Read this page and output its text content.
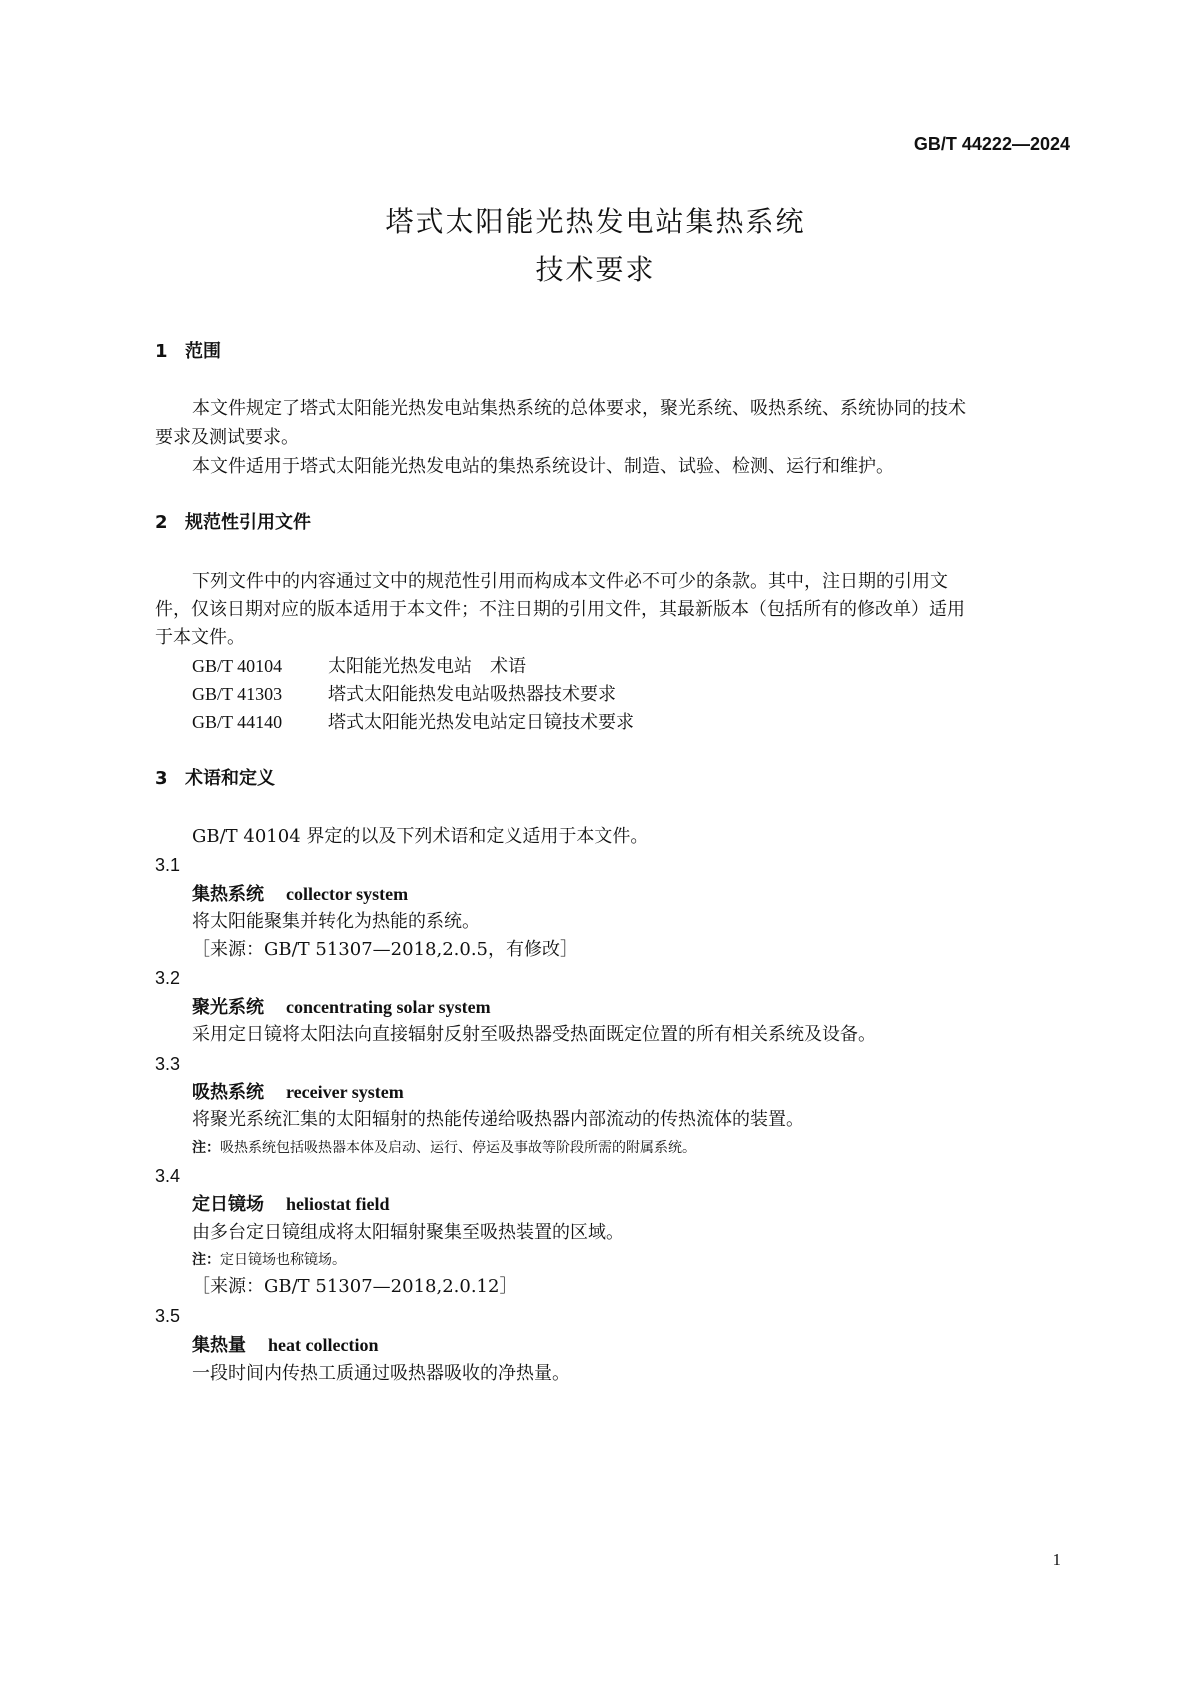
GB/T 44222—2024
塔式太阳能光热发电站集热系统
技术要求
1 范围
本文件规定了塔式太阳能光热发电站集热系统的总体要求，聚光系统、吸热系统、系统协同的技术
要求及测试要求。
本文件适用于塔式太阳能光热发电站的集热系统设计、制造、试验、检测、运行和维护。
2 规范性引用文件
下列文件中的内容通过文中的规范性引用而构成本文件必不可少的条款。其中，注日期的引用文
件，仅该日期对应的版本适用于本文件；不注日期的引用文件，其最新版本（包括所有的修改单）适用
于本文件。
GB/T 40104	太阳能光热发电站　术语
GB/T 41303	塔式太阳能热发电站吸热器技术要求
GB/T 44140	塔式太阳能光热发电站定日镜技术要求
3 术语和定义
GB/T 40104 界定的以及下列术语和定义适用于本文件。
3.1
集热系统 collector system
将太阳能聚集并转化为热能的系统。
［来源：GB/T 51307—2018,2.0.5，有修改］
3.2
聚光系统 concentrating solar system
采用定日镜将太阳法向直接辐射反射至吸热器受热面既定位置的所有相关系统及设备。
3.3
吸热系统 receiver system
将聚光系统汇集的太阳辐射的热能传递给吸热器内部流动的传热流体的装置。
注：吸热系统包括吸热器本体及启动、运行、停运及事故等阶段所需的附属系统。
3.4
定日镜场 heliostat field
由多台定日镜组成将太阳辐射聚集至吸热装置的区域。
注：定日镜场也称镜场。
［来源：GB/T 51307—2018,2.0.12］
3.5
集热量 heat collection
一段时间内传热工质通过吸热器吸收的净热量。
1
